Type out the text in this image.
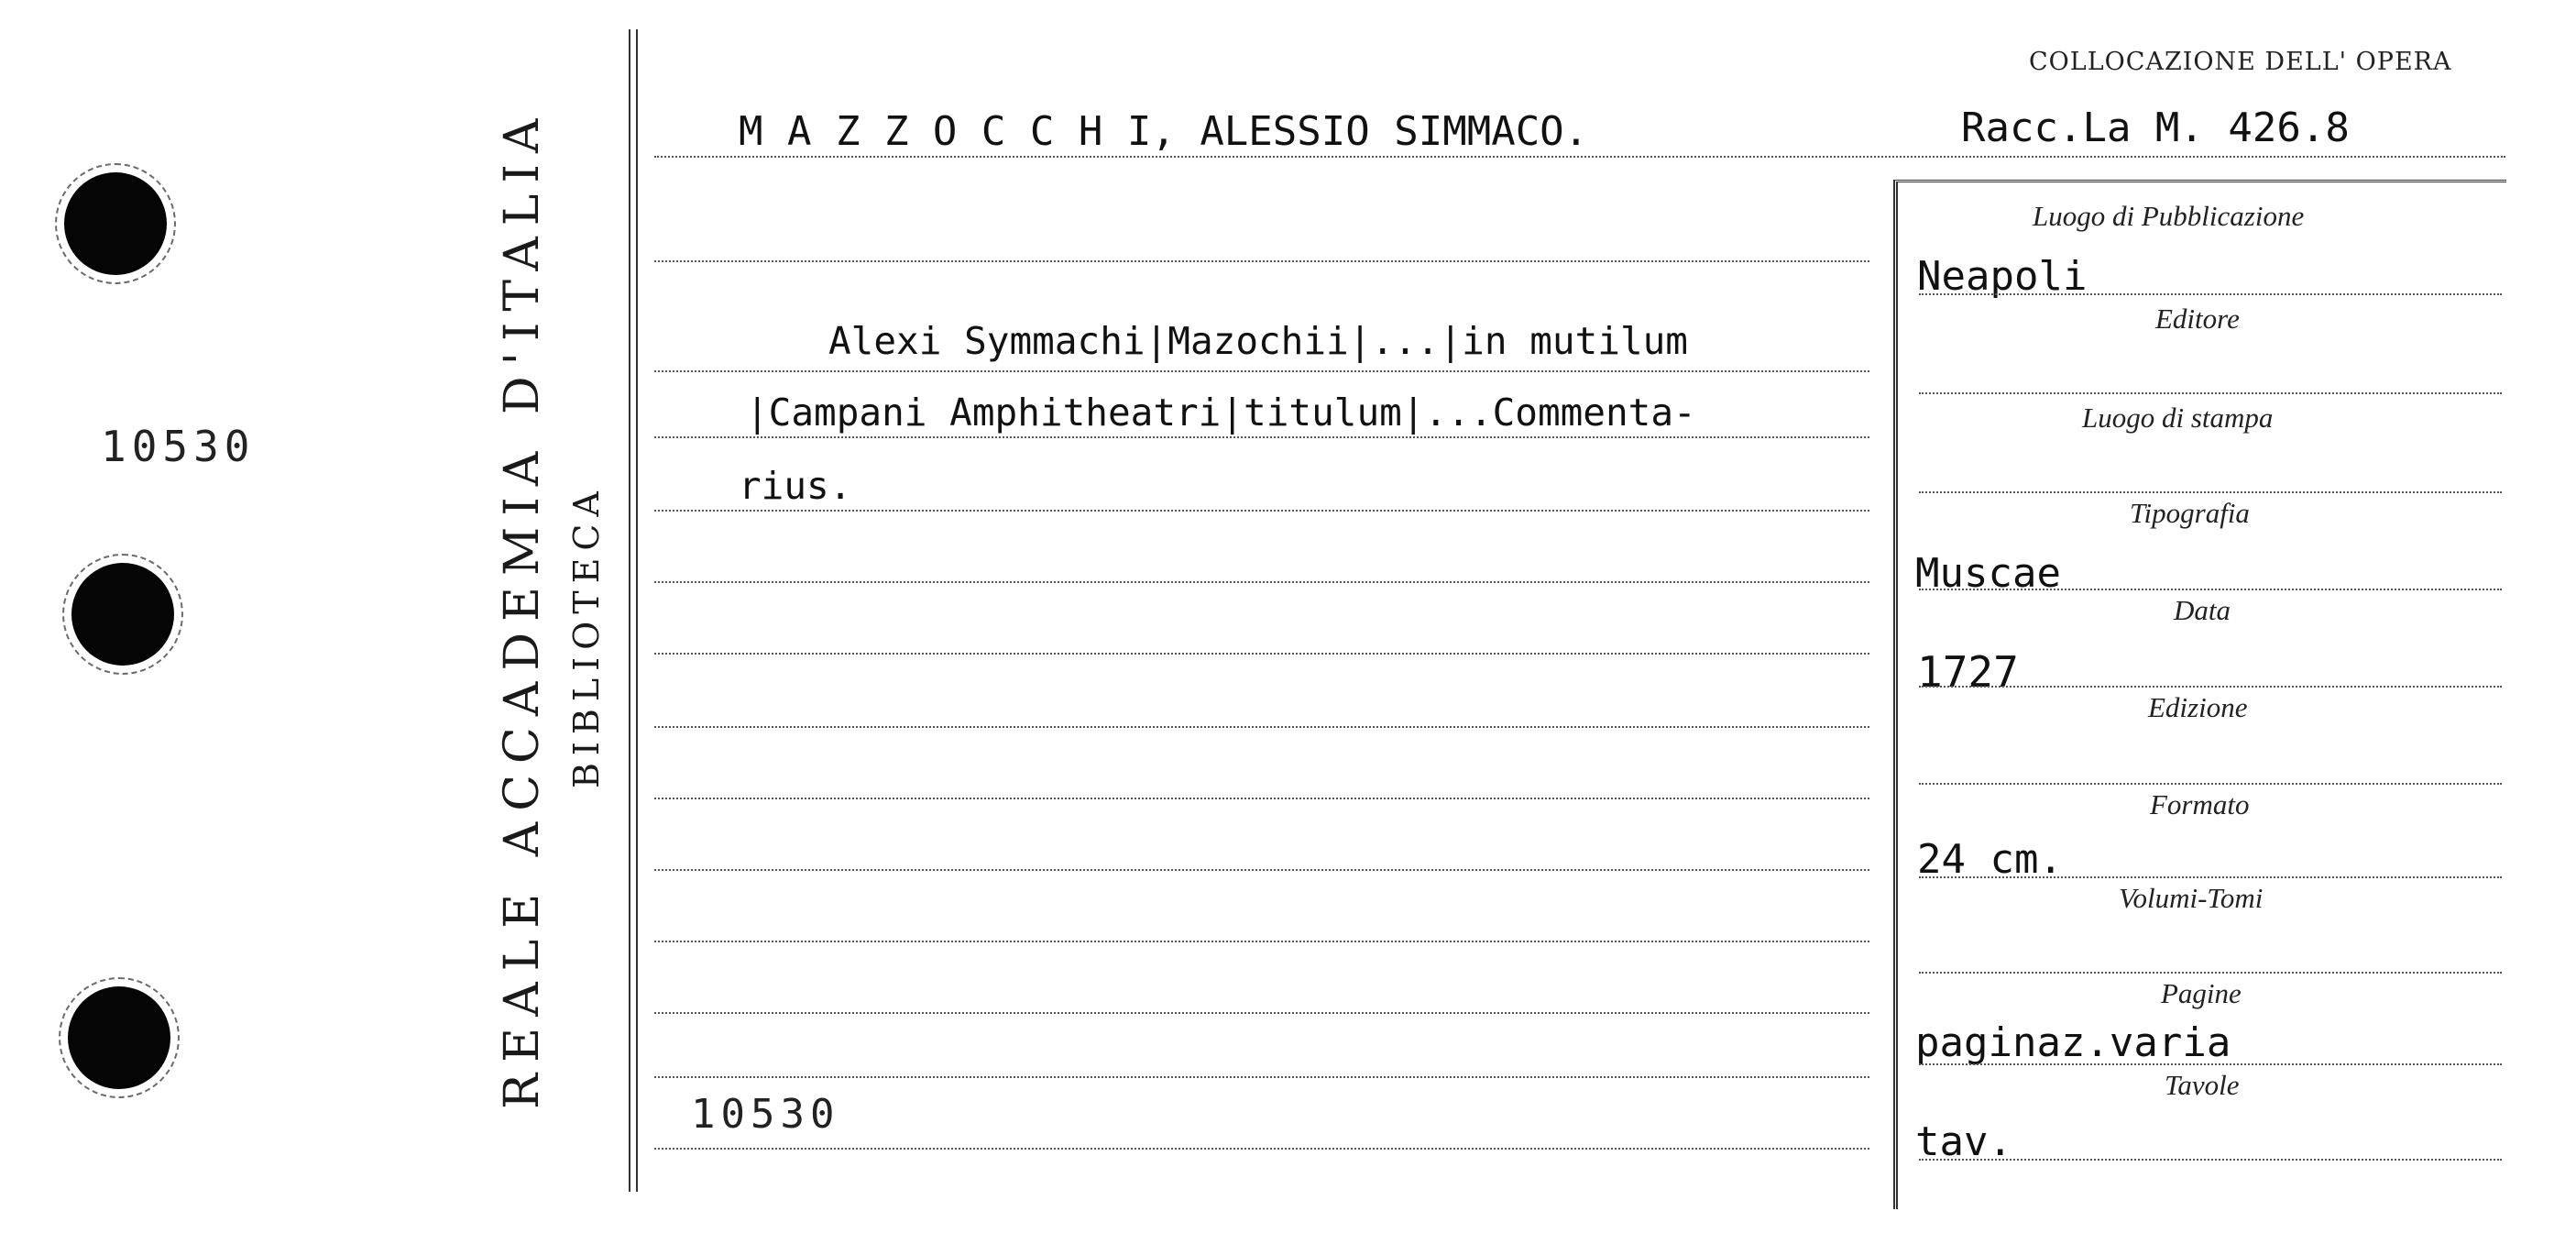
10530	REALE ACCADEMIA D'ITALIA BIBLIOTECA
COLLOCAZIONE DELL' OPERA
Racc.La M. 426.8
M A Z Z O C C H I, ALESSIO SIMMACO.
Alexi Symmachi|Mazochii|...|in mutilum
|Campani Amphitheatri|titulum|...Commenta-
rius.
10530
Luogo di Pubblicazione
Neapoli
Editore
Luogo di stampa
Tipografia
Muscae
Data
1727
Edizione
Formato
24 cm.
Volumi-Tomi
Pagine
paginaz.varia
Tavole
tav.
